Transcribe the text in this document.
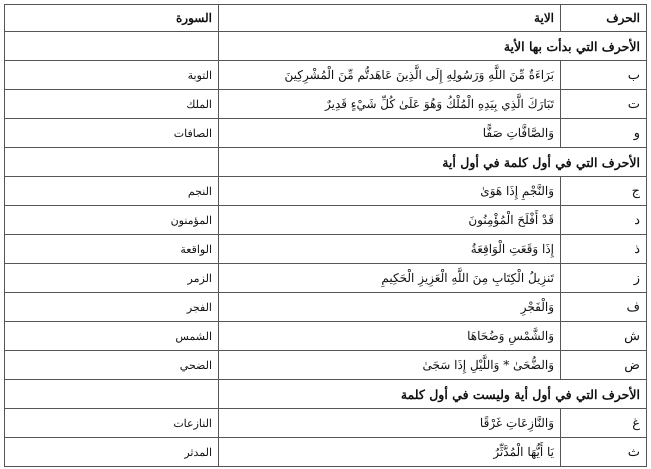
الحرف	الاية	السورة
الأحرف التي بدأت بها الأية		
ب	بَرَاءَةٌ مِّنَ اللَّهِ وَرَسُولِهِ إِلَى الَّذِينَ عَاهَدتُّم مِّنَ الْمُشْرِكِينَ	التوبة
ت	تَبَارَكَ الَّذِي بِيَدِهِ الْمُلْكُ وَهُوَ عَلَىٰ كُلِّ شَيْءٍ قَدِيرٌ	الملك
و	وَالصَّافَّاتِ صَفًّا	الصافات
الأحرف التي في أول كلمة في أول أية		
ج	وَالنَّجْمِ إِذَا هَوَىٰ	النجم
د	قَدْ أَفْلَحَ الْمُؤْمِنُونَ	المؤمنون
ذ	إِذَا وَقَعَتِ الْوَاقِعَةُ	الواقعة
ز	تَنزِيلُ الْكِتَابِ مِنَ اللَّهِ الْعَزِيزِ الْحَكِيمِ	الزمر
ف	وَالْفَجْرِ	الفجر
ش	وَالشَّمْسِ وَضُحَاهَا	الشمس
ض	وَالضُّحَىٰ * وَاللَّيْلِ إِذَا سَجَىٰ	الضحي
الأحرف التي في أول أية وليست في أول كلمة		
غ	وَالنَّازِعَاتِ غَرْقًا	النازعات
ث	يَا أَيُّهَا الْمُدَّثِّرُ	المدثر
